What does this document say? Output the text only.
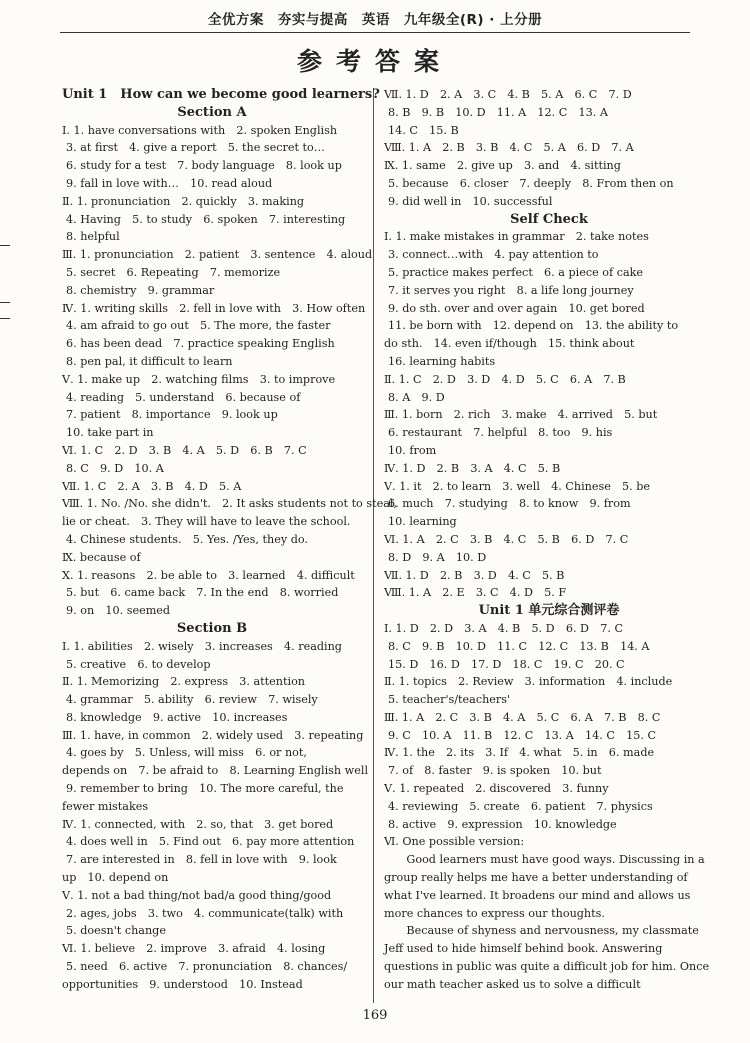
全优方案　夯实与提高　英语　九年级全(R) · 上分册
参考答案
Unit 1　How can we become good learners?
Section A
Ⅰ. 1. have conversations with　2. spoken English
3. at first　4. give a report　5. the secret to…
6. study for a test　7. body language　8. look up
9. fall in love with…　10. read aloud
Ⅱ. 1. pronunciation　2. quickly　3. making
4. Having　5. to study　6. spoken　7. interesting
8. helpful
Ⅲ. 1. pronunciation　2. patient　3. sentence　4. aloud
5. secret　6. Repeating　7. memorize
8. chemistry　9. grammar
Ⅳ. 1. writing skills　2. fell in love with　3. How often
4. am afraid to go out　5. The more, the faster
6. has been dead　7. practice speaking English
8. pen pal, it difficult to learn
Ⅴ. 1. make up　2. watching films　3. to improve
4. reading　5. understand　6. because of
7. patient　8. importance　9. look up
10. take part in
Ⅵ. 1. C　2. D　3. B　4. A　5. D　6. B　7. C
8. C　9. D　10. A
Ⅶ. 1. C　2. A　3. B　4. D　5. A
Ⅷ. 1. No. /No. she didn't.　2. It asks students not to steal,
lie or cheat.　3. They will have to leave the school.
4. Chinese students.　5. Yes. /Yes, they do.
Ⅸ. because of
Ⅹ. 1. reasons　2. be able to　3. learned　4. difficult
5. but　6. came back　7. In the end　8. worried
9. on　10. seemed
Section B
Ⅰ. 1. abilities　2. wisely　3. increases　4. reading
5. creative　6. to develop
Ⅱ. 1. Memorizing　2. express　3. attention
4. grammar　5. ability　6. review　7. wisely
8. knowledge　9. active　10. increases
Ⅲ. 1. have, in common　2. widely used　3. repeating
4. goes by　5. Unless, will miss　6. or not,
depends on　7. be afraid to　8. Learning English well
9. remember to bring　10. The more careful, the
fewer mistakes
Ⅳ. 1. connected, with　2. so, that　3. get bored
4. does well in　5. Find out　6. pay more attention
7. are interested in　8. fell in love with　9. look
up　10. depend on
Ⅴ. 1. not a bad thing/not bad/a good thing/good
2. ages, jobs　3. two　4. communicate(talk) with
5. doesn't change
Ⅵ. 1. believe　2. improve　3. afraid　4. losing
5. need　6. active　7. pronunciation　8. chances/
opportunities　9. understood　10. Instead
Ⅶ. 1. D　2. A　3. C　4. B　5. A　6. C　7. D
8. B　9. B　10. D　11. A　12. C　13. A
14. C　15. B
Ⅷ. 1. A　2. B　3. B　4. C　5. A　6. D　7. A
Ⅸ. 1. same　2. give up　3. and　4. sitting
5. because　6. closer　7. deeply　8. From then on
9. did well in　10. successful
Self Check
Ⅰ. 1. make mistakes in grammar　2. take notes
3. connect…with　4. pay attention to
5. practice makes perfect　6. a piece of cake
7. it serves you right　8. a life long journey
9. do sth. over and over again　10. get bored
11. be born with　12. depend on　13. the ability to
do sth.　14. even if/though　15. think about
16. learning habits
Ⅱ. 1. C　2. D　3. D　4. D　5. C　6. A　7. B
8. A　9. D
Ⅲ. 1. born　2. rich　3. make　4. arrived　5. but
6. restaurant　7. helpful　8. too　9. his
10. from
Ⅳ. 1. D　2. B　3. A　4. C　5. B
Ⅴ. 1. it　2. to learn　3. well　4. Chinese　5. be
6. much　7. studying　8. to know　9. from
10. learning
Ⅵ. 1. A　2. C　3. B　4. C　5. B　6. D　7. C
8. D　9. A　10. D
Ⅶ. 1. D　2. B　3. D　4. C　5. B
Ⅷ. 1. A　2. E　3. C　4. D　5. F
Unit 1 单元综合测评卷
Ⅰ. 1. D　2. D　3. A　4. B　5. D　6. D　7. C
8. C　9. B　10. D　11. C　12. C　13. B　14. A
15. D　16. D　17. D　18. C　19. C　20. C
Ⅱ. 1. topics　2. Review　3. information　4. include
5. teacher's/teachers'
Ⅲ. 1. A　2. C　3. B　4. A　5. C　6. A　7. B　8. C
9. C　10. A　11. B　12. C　13. A　14. C　15. C
Ⅳ. 1. the　2. its　3. If　4. what　5. in　6. made
7. of　8. faster　9. is spoken　10. but
Ⅴ. 1. repeated　2. discovered　3. funny
4. reviewing　5. create　6. patient　7. physics
8. active　9. expression　10. knowledge
Ⅵ. One possible version:

Good learners must have good ways. Discussing in a group really helps me have a better understanding of what I've learned. It broadens our mind and allows us more chances to express our thoughts.

Because of shyness and nervousness, my classmate Jeff used to hide himself behind book. Answering questions in public was quite a difficult job for him. Once our math teacher asked us to solve a difficult

169
